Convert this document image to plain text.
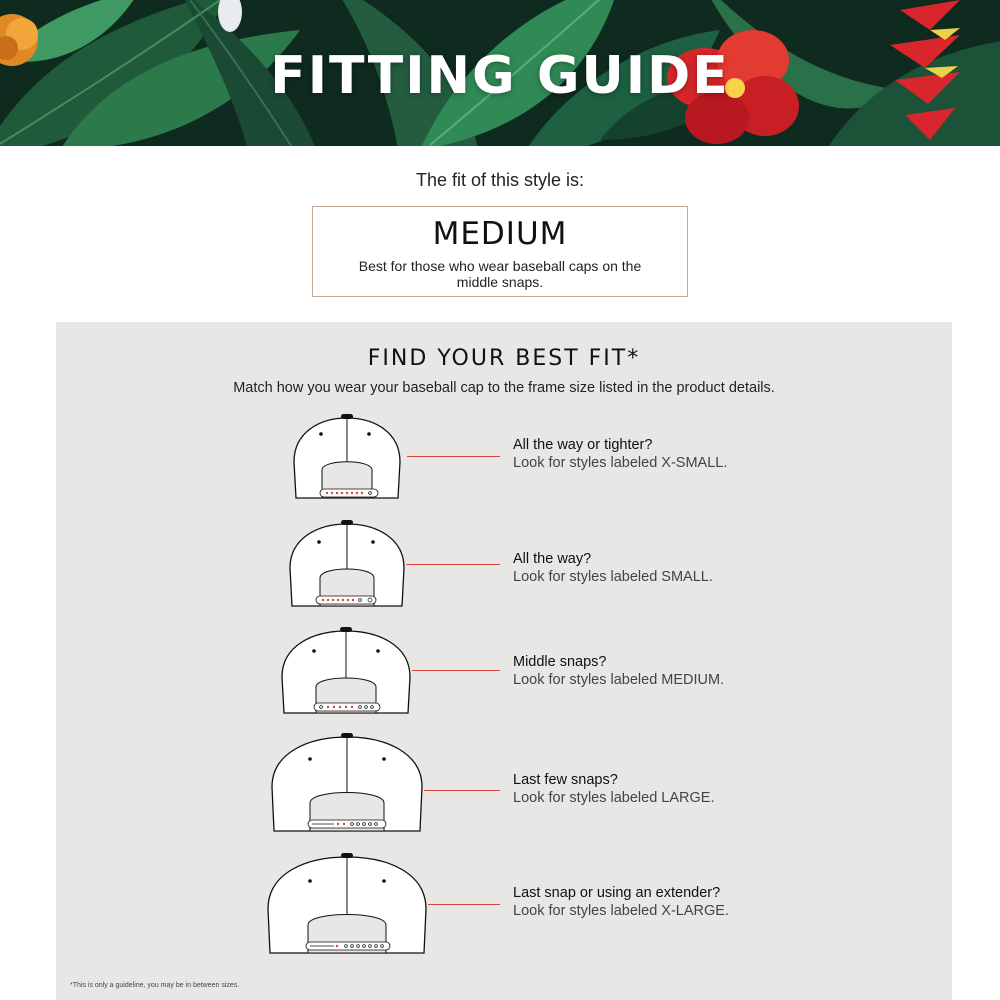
FITTING GUIDE
The fit of this style is:
MEDIUM
Best for those who wear baseball caps on the middle snaps.
FIND YOUR BEST FIT*
Match how you wear your baseball cap to the frame size listed in the product details.
All the way or tighter?
Look for styles labeled X-SMALL.
All the way?
Look for styles labeled SMALL.
Middle snaps?
Look for styles labeled MEDIUM.
Last few snaps?
Look for styles labeled LARGE.
Last snap or using an extender?
Look for styles labeled X-LARGE.
*This is only a guideline, you may be in between sizes.
